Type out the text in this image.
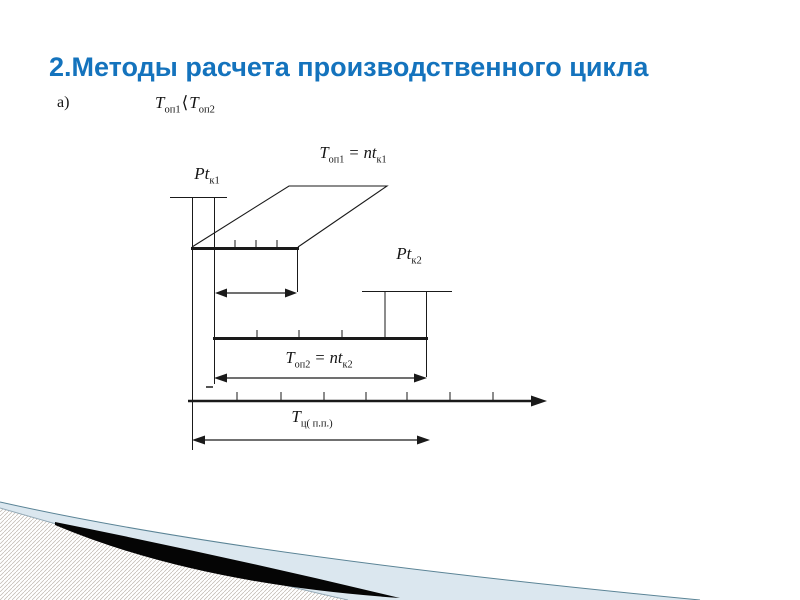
2.Методы расчета производственного цикла
а)	$T_{оп1}⟨T_{оп2}$
$T_{оп1} = nt_{к1}$
$Pt_{к1}$
$Pt_{к2}$
$T_{оп2} = nt_{к2}$
$T_{ц( п.п.)}$
